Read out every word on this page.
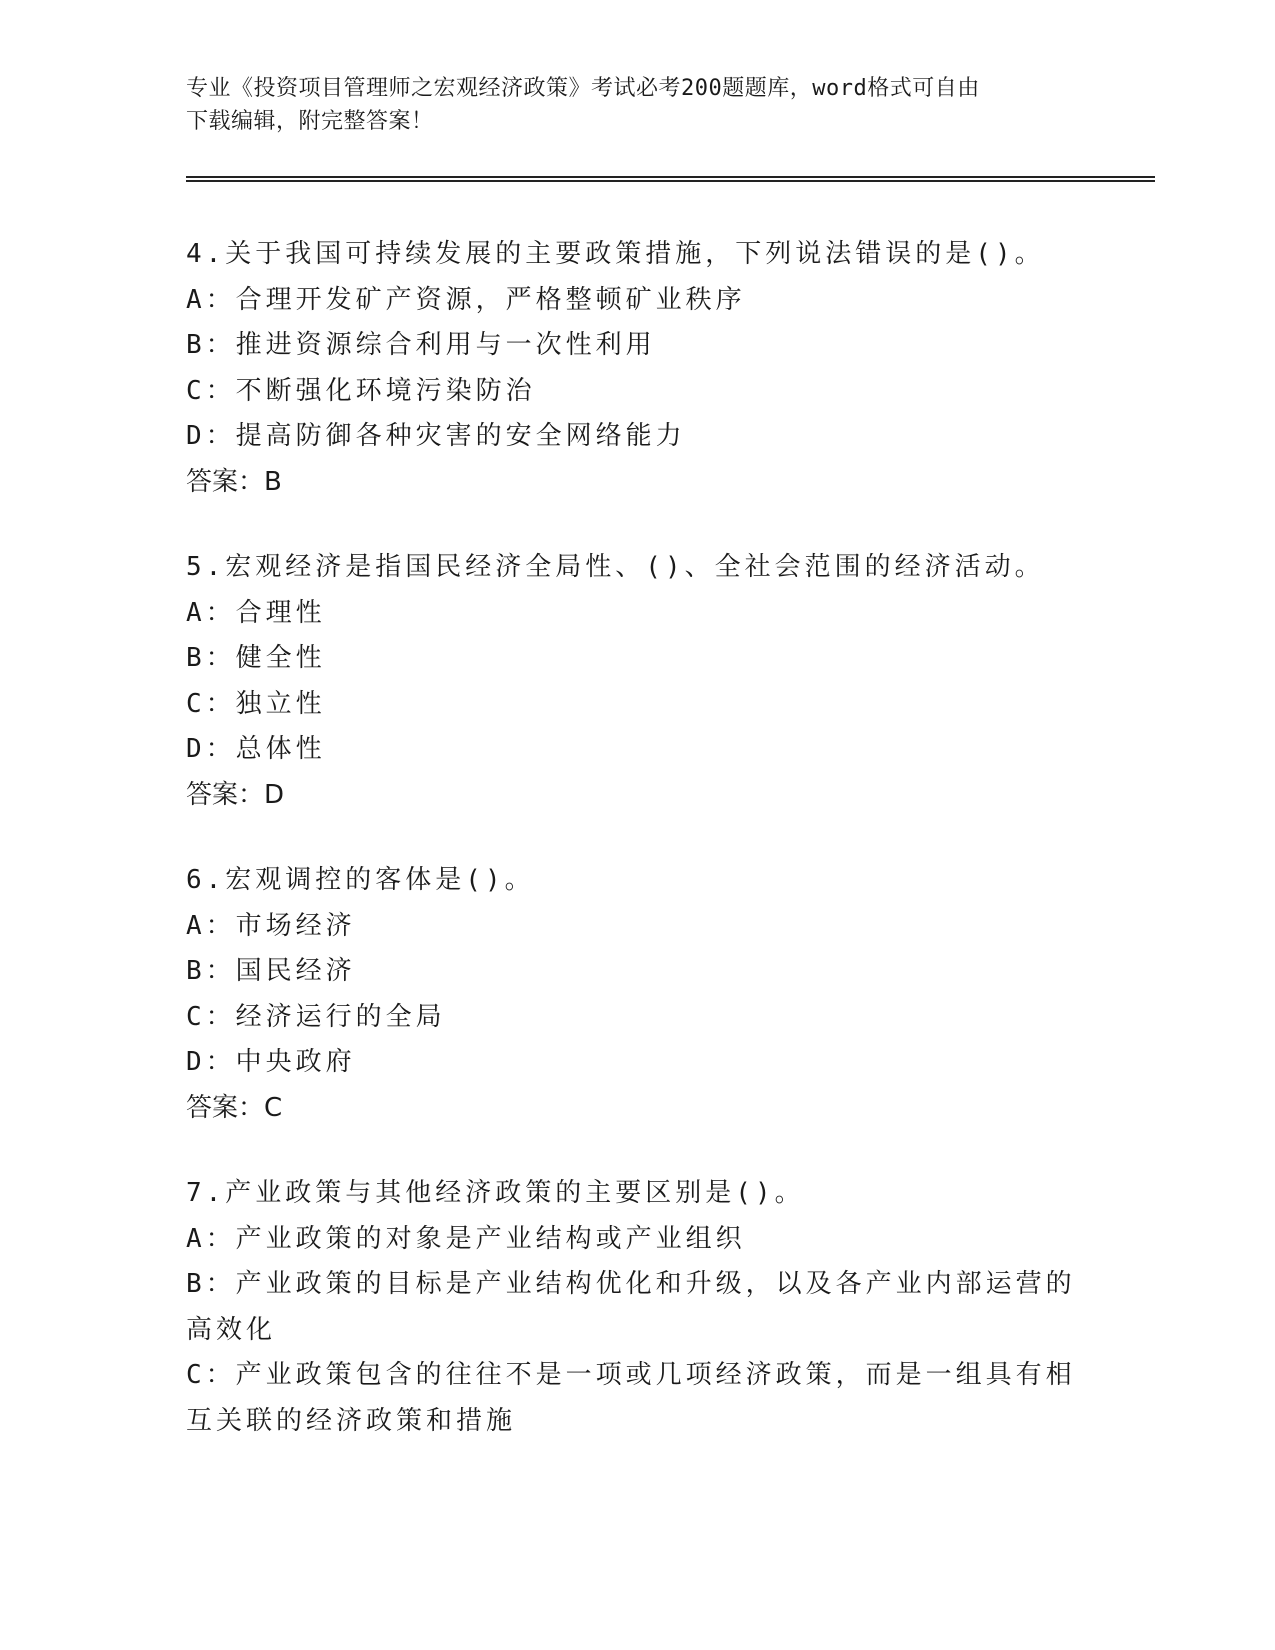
专业《投资项目管理师之宏观经济政策》考试必考200题题库，word格式可自由
下载编辑，附完整答案！

4.关于我国可持续发展的主要政策措施，下列说法错误的是()。

A：合理开发矿产资源，严格整顿矿业秩序

B：推进资源综合利用与一次性利用

C：不断强化环境污染防治

D：提高防御各种灾害的安全网络能力

答案：B

5.宏观经济是指国民经济全局性、()、全社会范围的经济活动。

A：合理性

B：健全性

C：独立性

D：总体性

答案：D

6.宏观调控的客体是()。

A：市场经济

B：国民经济

C：经济运行的全局

D：中央政府

答案：C

7.产业政策与其他经济政策的主要区别是()。

A：产业政策的对象是产业结构或产业组织

B：产业政策的目标是产业结构优化和升级，以及各产业内部运营的高效化

C：产业政策包含的往往不是一项或几项经济政策，而是一组具有相互关联的经济政策和措施
